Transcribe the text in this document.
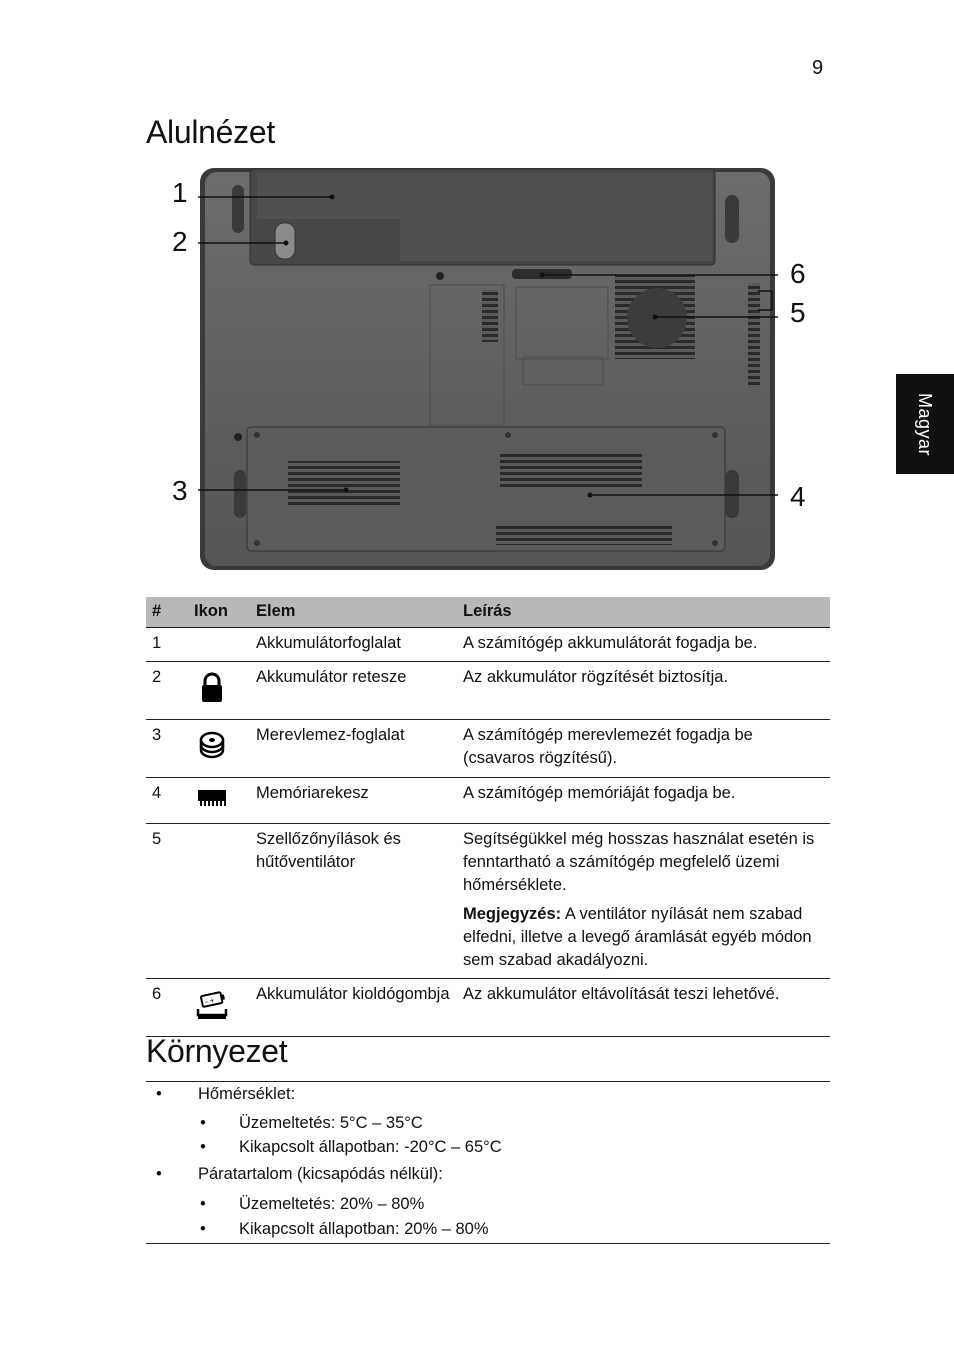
9
Alulnézet
Magyar
1
2
3	4
5
6
#	Ikon	Elem	Leírás
1		Akkumulátorfoglalat	A számítógép akkumulátorát fogadja be.
2		Akkumulátor retesze	Az akkumulátor rögzítését biztosítja.
3		Merevlemez-foglalat	A számítógép merevlemezét fogadja be (csavaros rögzítésű).
4		Memóriarekesz	A számítógép memóriáját fogadja be.
5		Szellőzőnyílások és hűtőventilátor	Segítségükkel még hosszas használat esetén is fenntartható a számítógép megfelelő üzemi hőmérséklete.
Megjegyzés: A ventilátor nyílását nem szabad elfedni, illetve a levegő áramlását egyéb módon sem szabad akadályozni.

6	- +	Akkumulátor kioldógombja	Az akkumulátor eltávolítását teszi lehetővé.
Környezet
• Hőmérséklet:
• Üzemeltetés: 5°C – 35°C
• Kikapcsolt állapotban: -20°C – 65°C
• Páratartalom (kicsapódás nélkül):
• Üzemeltetés: 20% – 80%
• Kikapcsolt állapotban: 20% – 80%
